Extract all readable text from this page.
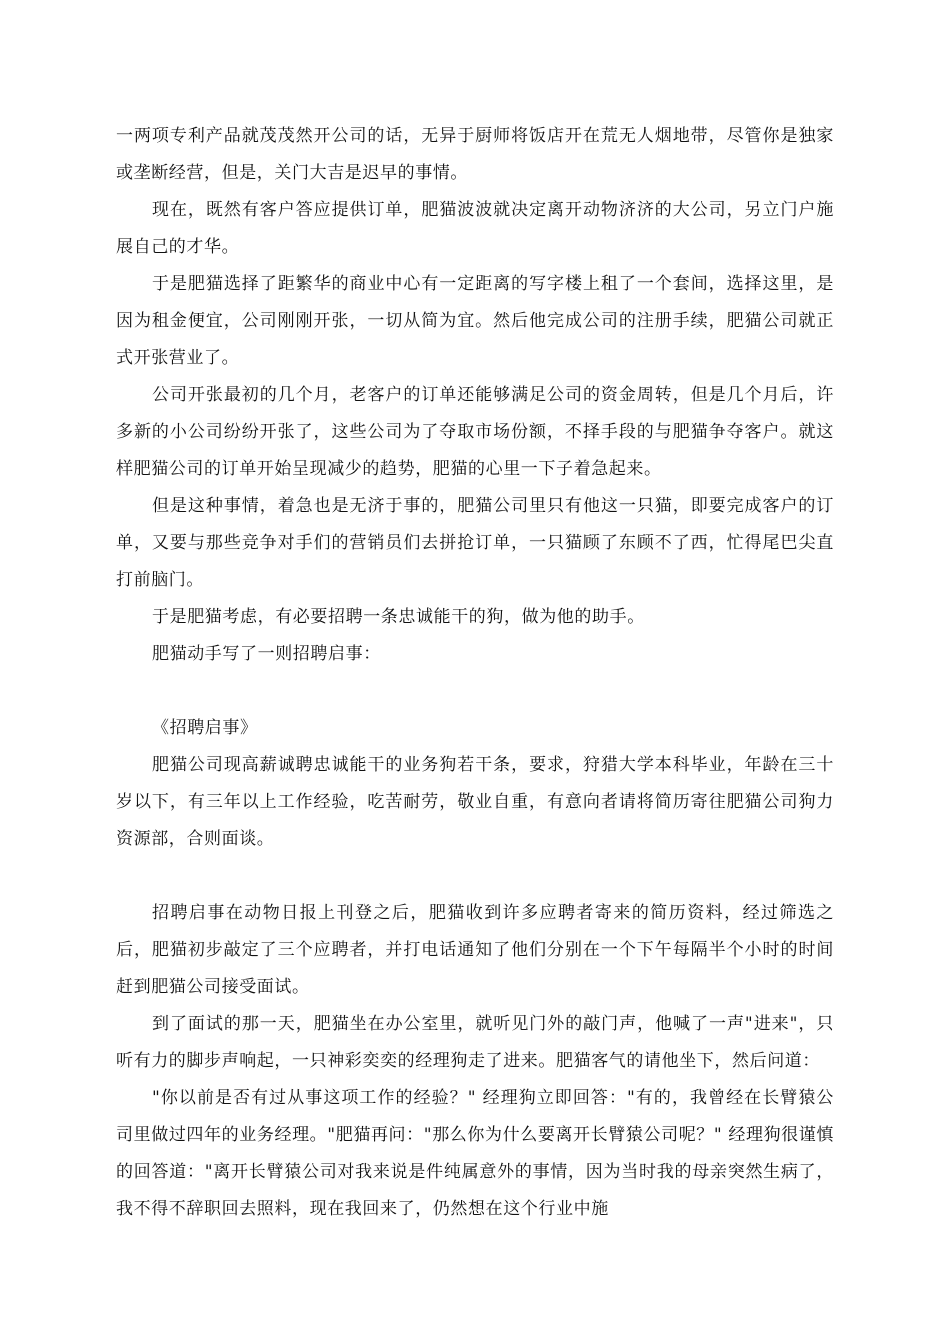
一两项专利产品就茂茂然开公司的话，无异于厨师将饭店开在荒无人烟地带，尽管你是独家或垄断经营，但是，关门大吉是迟早的事情。

现在，既然有客户答应提供订单，肥猫波波就决定离开动物济济的大公司，另立门户施展自己的才华。

于是肥猫选择了距繁华的商业中心有一定距离的写字楼上租了一个套间，选择这里，是因为租金便宜，公司刚刚开张，一切从简为宜。然后他完成公司的注册手续，肥猫公司就正式开张营业了。

公司开张最初的几个月，老客户的订单还能够满足公司的资金周转，但是几个月后，许多新的小公司纷纷开张了，这些公司为了夺取市场份额，不择手段的与肥猫争夺客户。就这样肥猫公司的订单开始呈现减少的趋势，肥猫的心里一下子着急起来。

但是这种事情，着急也是无济于事的，肥猫公司里只有他这一只猫，即要完成客户的订单，又要与那些竞争对手们的营销员们去拼抢订单，一只猫顾了东顾不了西，忙得尾巴尖直打前脑门。

于是肥猫考虑，有必要招聘一条忠诚能干的狗，做为他的助手。

肥猫动手写了一则招聘启事：

《招聘启事》

肥猫公司现高薪诚聘忠诚能干的业务狗若干条，要求，狩猎大学本科毕业，年龄在三十岁以下，有三年以上工作经验，吃苦耐劳，敬业自重，有意向者请将简历寄往肥猫公司狗力资源部，合则面谈。

招聘启事在动物日报上刊登之后，肥猫收到许多应聘者寄来的简历资料，经过筛选之后，肥猫初步敲定了三个应聘者，并打电话通知了他们分别在一个下午每隔半个小时的时间赶到肥猫公司接受面试。

到了面试的那一天，肥猫坐在办公室里，就听见门外的敲门声，他喊了一声"进来"，只听有力的脚步声响起，一只神彩奕奕的经理狗走了进来。肥猫客气的请他坐下，然后问道：

"你以前是否有过从事这项工作的经验？" 经理狗立即回答："有的，我曾经在长臂猿公司里做过四年的业务经理。"肥猫再问："那么你为什么要离开长臂猿公司呢？" 经理狗很谨慎的回答道："离开长臂猿公司对我来说是件纯属意外的事情，因为当时我的母亲突然生病了，我不得不辞职回去照料，现在我回来了，仍然想在这个行业中施
